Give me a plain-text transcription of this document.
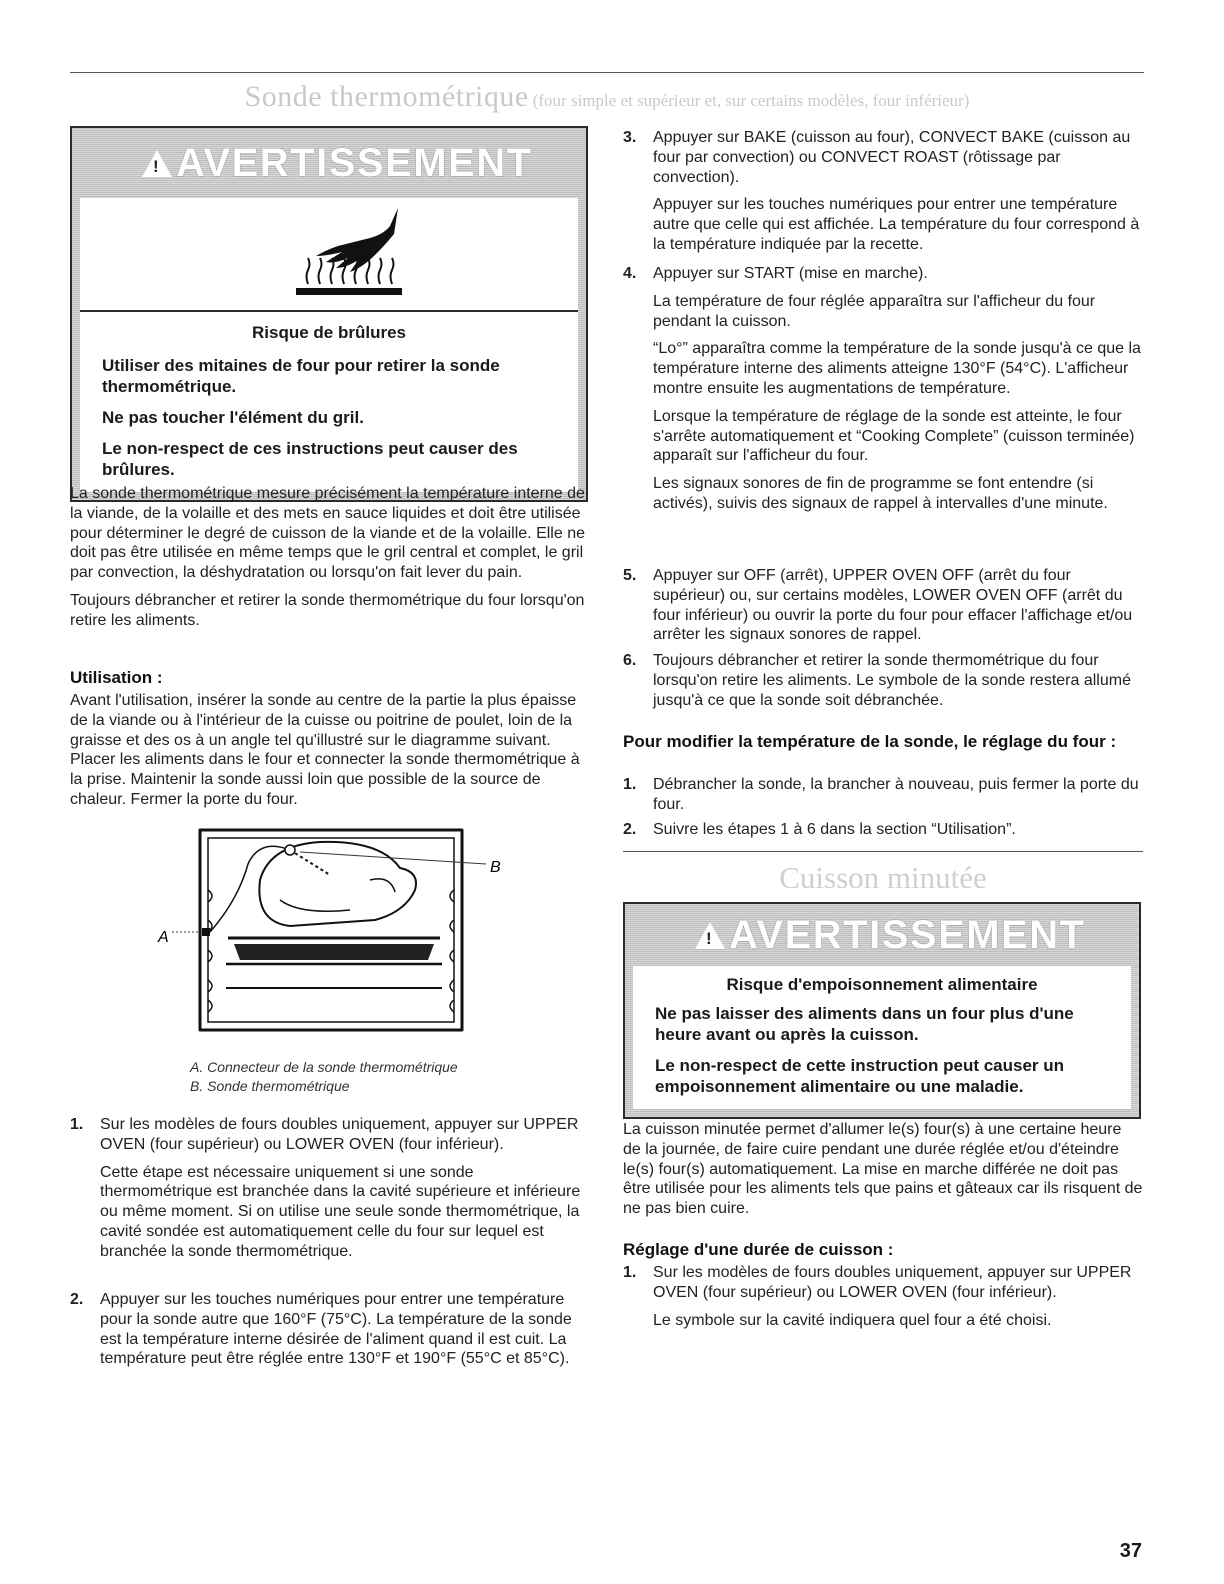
Sonde thermométrique (four simple et supérieur et, sur certains modèles, four inférieur)
!
AVERTISSEMENT

Risque de brûlures

Utiliser des mitaines de four pour retirer la sonde thermométrique.

Ne pas toucher l'élément du gril.

Le non-respect de ces instructions peut causer des brûlures.

La sonde thermométrique mesure précisément la température interne de la viande, de la volaille et des mets en sauce liquides et doit être utilisée pour déterminer le degré de cuisson de la viande et de la volaille. Elle ne doit pas être utilisée en même temps que le gril central et complet, le gril par convection, la déshydratation ou lorsqu'on fait lever du pain.

Toujours débrancher et retirer la sonde thermométrique du four lorsqu'on retire les aliments.

Utilisation :

Avant l'utilisation, insérer la sonde au centre de la partie la plus épaisse de la viande ou à l'intérieur de la cuisse ou poitrine de poulet, loin de la graisse et des os à un angle tel qu'illustré sur le diagramme suivant. Placer les aliments dans le four et connecter la sonde thermométrique à la prise. Maintenir la sonde aussi loin que possible de la source de chaleur. Fermer la porte du four.

A
B
A. Connecteur de la sonde thermométrique
B. Sonde thermométrique
1. Sur les modèles de fours doubles uniquement, appuyer sur UPPER OVEN (four supérieur) ou LOWER OVEN (four inférieur).

Cette étape est nécessaire uniquement si une sonde thermométrique est branchée dans la cavité supérieure et inférieure ou même moment. Si on utilise une seule sonde thermométrique, la cavité sondée est automatiquement celle du four sur lequel est branchée la sonde thermométrique.

2. Appuyer sur les touches numériques pour entrer une température pour la sonde autre que 160°F (75°C). La température de la sonde est la température interne désirée de l'aliment quand il est cuit. La température peut être réglée entre 130°F et 190°F (55°C et 85°C).

3. Appuyer sur BAKE (cuisson au four), CONVECT BAKE (cuisson au four par convection) ou CONVECT ROAST (rôtissage par convection).

Appuyer sur les touches numériques pour entrer une température autre que celle qui est affichée. La température du four correspond à la température indiquée par la recette.

4. Appuyer sur START (mise en marche).

La température de four réglée apparaîtra sur l'afficheur du four pendant la cuisson.

“Lo°” apparaîtra comme la température de la sonde jusqu'à ce que la température interne des aliments atteigne 130°F (54°C). L'afficheur montre ensuite les augmentations de température.

Lorsque la température de réglage de la sonde est atteinte, le four s'arrête automatiquement et “Cooking Complete” (cuisson terminée) apparaît sur l'afficheur du four.

Les signaux sonores de fin de programme se font entendre (si activés), suivis des signaux de rappel à intervalles d'une minute.

5. Appuyer sur OFF (arrêt), UPPER OVEN OFF (arrêt du four supérieur) ou, sur certains modèles, LOWER OVEN OFF (arrêt du four inférieur) ou ouvrir la porte du four pour effacer l'affichage et/ou arrêter les signaux sonores de rappel.

6. Toujours débrancher et retirer la sonde thermométrique du four lorsqu'on retire les aliments. Le symbole de la sonde restera allumé jusqu'à ce que la sonde soit débranchée.

Pour modifier la température de la sonde, le réglage du four :
1. Débrancher la sonde, la brancher à nouveau, puis fermer la porte du four.

2. Suivre les étapes 1 à 6 dans la section “Utilisation”.

Cuisson minutée
!
AVERTISSEMENT

Risque d'empoisonnement alimentaire

Ne pas laisser des aliments dans un four plus d'une heure avant ou après la cuisson.

Le non-respect de cette instruction peut causer un empoisonnement alimentaire ou une maladie.

La cuisson minutée permet d'allumer le(s) four(s) à une certaine heure de la journée, de faire cuire pendant une durée réglée et/ou d'éteindre le(s) four(s) automatiquement. La mise en marche différée ne doit pas être utilisée pour les aliments tels que pains et gâteaux car ils risquent de ne pas bien cuire.

Réglage d'une durée de cuisson :
1. Sur les modèles de fours doubles uniquement, appuyer sur UPPER OVEN (four supérieur) ou LOWER OVEN (four inférieur).

Le symbole sur la cavité indiquera quel four a été choisi.

37
